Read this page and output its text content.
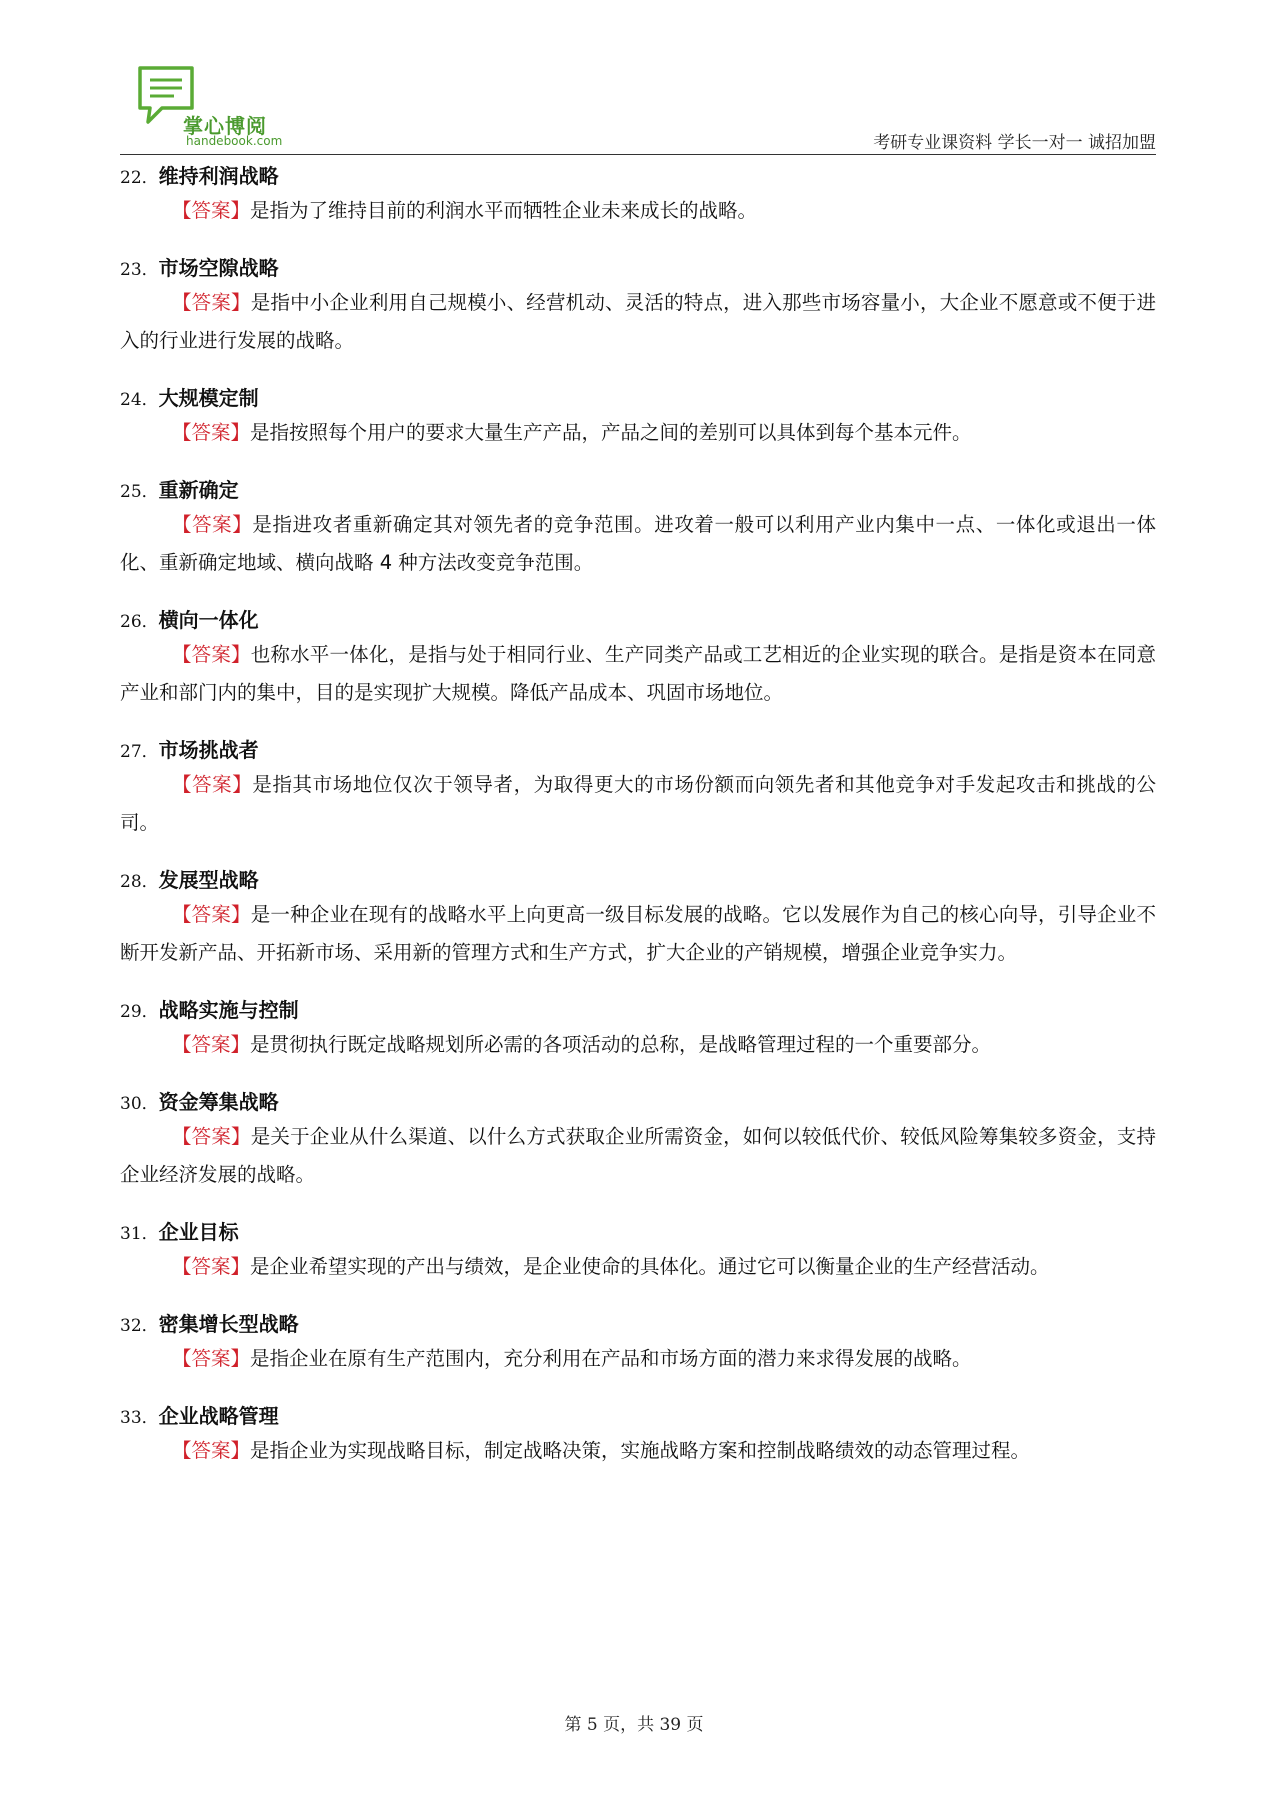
掌心博阅
handebook.com	考研专业课资料 学长一对一 诚招加盟
22．维持利润战略
【答案】是指为了维持目前的利润水平而牺牲企业未来成长的战略。
23．市场空隙战略
【答案】是指中小企业利用自己规模小、经营机动、灵活的特点，进入那些市场容量小，大企业不愿意或不便于进入的行业进行发展的战略。
24．大规模定制
【答案】是指按照每个用户的要求大量生产产品，产品之间的差别可以具体到每个基本元件。
25．重新确定
【答案】是指进攻者重新确定其对领先者的竞争范围。进攻着一般可以利用产业内集中一点、一体化或退出一体化、重新确定地域、横向战略 4 种方法改变竞争范围。
26．横向一体化
【答案】也称水平一体化，是指与处于相同行业、生产同类产品或工艺相近的企业实现的联合。是指是资本在同意产业和部门内的集中，目的是实现扩大规模。降低产品成本、巩固市场地位。
27．市场挑战者
【答案】是指其市场地位仅次于领导者，为取得更大的市场份额而向领先者和其他竞争对手发起攻击和挑战的公司。
28．发展型战略
【答案】是一种企业在现有的战略水平上向更高一级目标发展的战略。它以发展作为自己的核心向导，引导企业不断开发新产品、开拓新市场、采用新的管理方式和生产方式，扩大企业的产销规模，增强企业竞争实力。
29．战略实施与控制
【答案】是贯彻执行既定战略规划所必需的各项活动的总称，是战略管理过程的一个重要部分。
30．资金筹集战略
【答案】是关于企业从什么渠道、以什么方式获取企业所需资金，如何以较低代价、较低风险筹集较多资金，支持企业经济发展的战略。
31．企业目标
【答案】是企业希望实现的产出与绩效，是企业使命的具体化。通过它可以衡量企业的生产经营活动。
32．密集增长型战略
【答案】是指企业在原有生产范围内，充分利用在产品和市场方面的潜力来求得发展的战略。
33．企业战略管理
【答案】是指企业为实现战略目标，制定战略决策，实施战略方案和控制战略绩效的动态管理过程。
第 5 页，共 39 页
